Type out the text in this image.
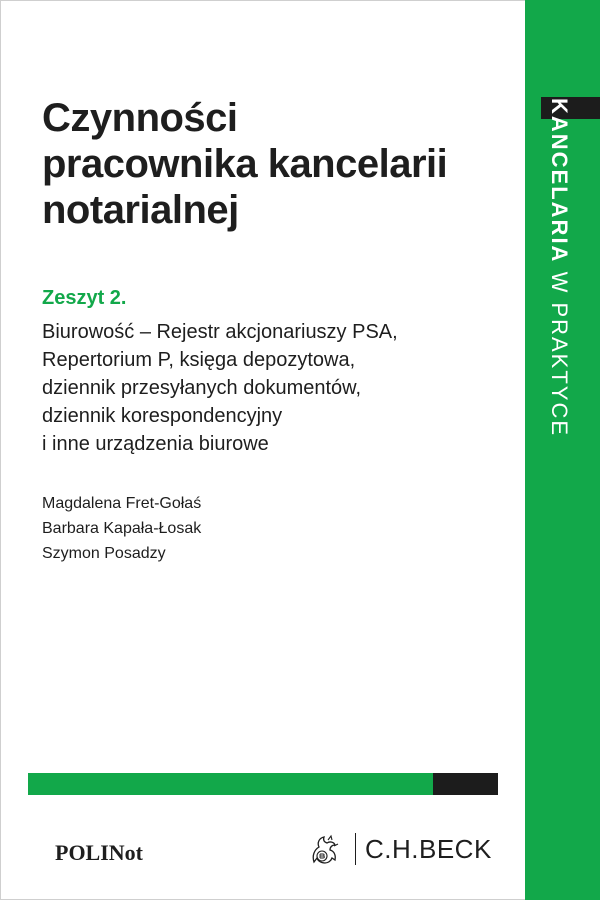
KANCELARIA W PRAKTYCE
Czynności
pracownika kancelarii
notarialnej
Zeszyt 2.
Biurowość – Rejestr akcjonariuszy PSA,
Repertorium P, księga depozytowa,
dziennik przesyłanych dokumentów,
dziennik korespondencyjny
i inne urządzenia biurowe
Magdalena Fret-Gołaś
Barbara Kapała-Łosak
Szymon Posadzy
POLINot	C.H.BECK
